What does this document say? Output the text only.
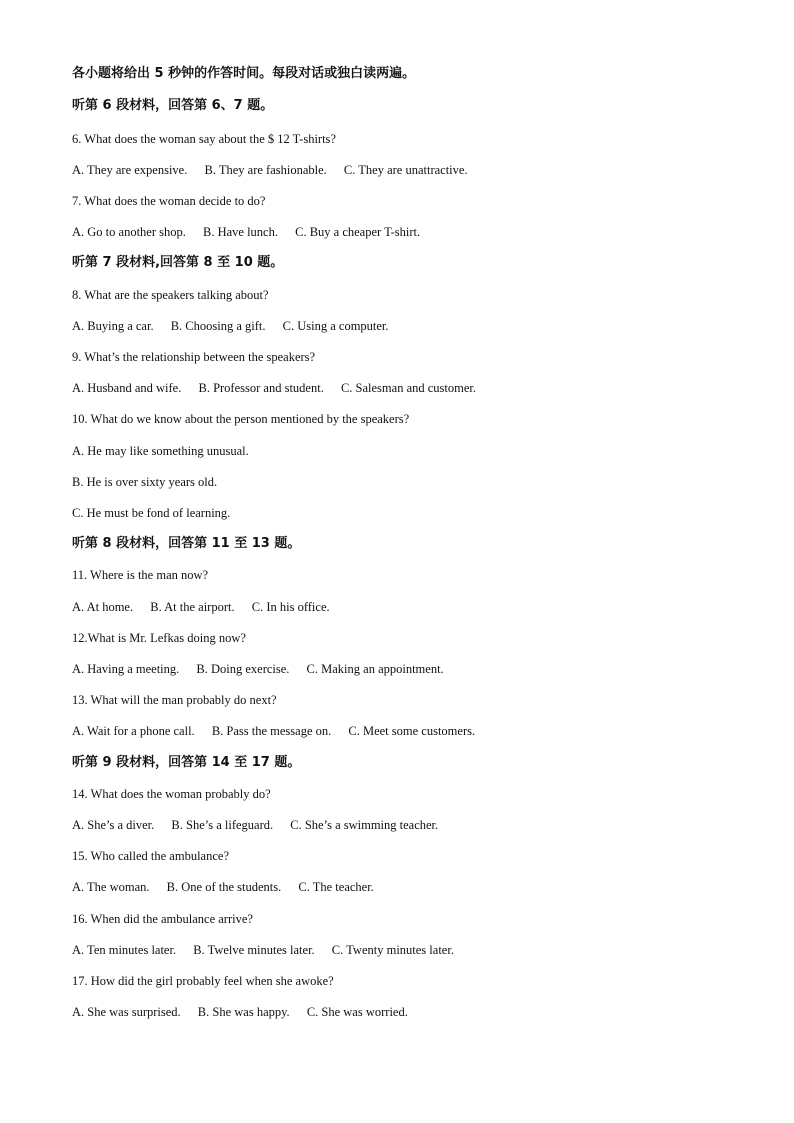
各小题将给出 5 秒钟的作答时间。每段对话或独白读两遍。
听第 6 段材料，回答第 6、7 题。
6. What does the woman say about the $ 12 T-shirts?
A. They are expensive. B. They are fashionable. C. They are unattractive.
7. What does the woman decide to do?
A. Go to another shop. B. Have lunch. C. Buy a cheaper T-shirt.
听第 7 段材料,回答第 8 至 10 题。
8. What are the speakers talking about?
A. Buying a car. B. Choosing a gift. C. Using a computer.
9. What’s the relationship between the speakers?
A. Husband and wife. B. Professor and student. C. Salesman and customer.
10. What do we know about the person mentioned by the speakers?
A. He may like something unusual.
B. He is over sixty years old.
C. He must be fond of learning.
听第 8 段材料，回答第 11 至 13 题。
11. Where is the man now?
A. At home. B. At the airport. C. In his office.
12.What is Mr. Lefkas doing now?
A. Having a meeting. B. Doing exercise. C. Making an appointment.
13. What will the man probably do next?
A. Wait for a phone call. B. Pass the message on. C. Meet some customers.
听第 9 段材料，回答第 14 至 17 题。
14. What does the woman probably do?
A. She’s a diver. B. She’s a lifeguard. C. She’s a swimming teacher.
15. Who called the ambulance?
A. The woman. B. One of the students. C. The teacher.
16. When did the ambulance arrive?
A. Ten minutes later. B. Twelve minutes later. C. Twenty minutes later.
17. How did the girl probably feel when she awoke?
A. She was surprised. B. She was happy. C. She was worried.
